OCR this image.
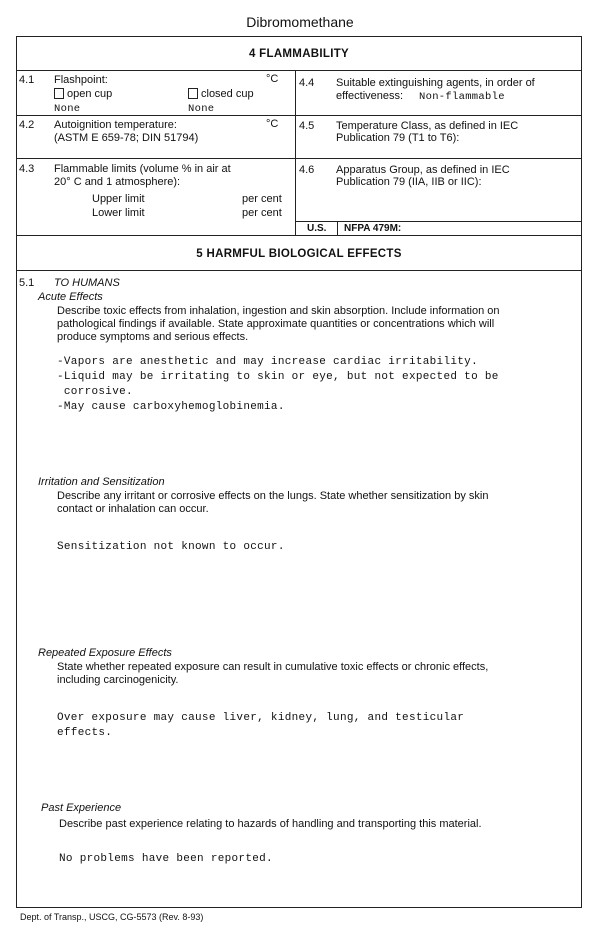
Dibromomethane
4 FLAMMABILITY
4.1 Flashpoint:	°C
open cup	closed cup
None	None
4.4 Suitable extinguishing agents, in order of
effectiveness: Non-flammable
4.2 Autoignition temperature:	°C
(ASTM E 659-78; DIN 51794)
4.5 Temperature Class, as defined in IEC
Publication 79 (T1 to T6):
4.3 Flammable limits (volume % in air at
20° C and 1 atmosphere):
Upper limit	per cent
Lower limit	per cent
4.6 Apparatus Group, as defined in IEC
Publication 79 (IIA, IIB or IIC):
U.S. NFPA 479M:
5 HARMFUL BIOLOGICAL EFFECTS
5.1 TO HUMANS
Acute Effects
Describe toxic effects from inhalation, ingestion and skin absorption. Include information on
pathological findings if available. State approximate quantities or concentrations which will
produce symptoms and serious effects.
-Vapors are anesthetic and may increase cardiac irritability.
-Liquid may be irritating to skin or eye, but not expected to be
corrosive.
-May cause carboxyhemoglobinemia.
Irritation and Sensitization
Describe any irritant or corrosive effects on the lungs. State whether sensitization by skin
contact or inhalation can occur.
Sensitization not known to occur.
Repeated Exposure Effects
State whether repeated exposure can result in cumulative toxic effects or chronic effects,
including carcinogenicity.
Over exposure may cause liver, kidney, lung, and testicular
effects.
Past Experience
Describe past experience relating to hazards of handling and transporting this material.
No problems have been reported.
Dept. of Transp., USCG, CG-5573 (Rev. 8-93)
